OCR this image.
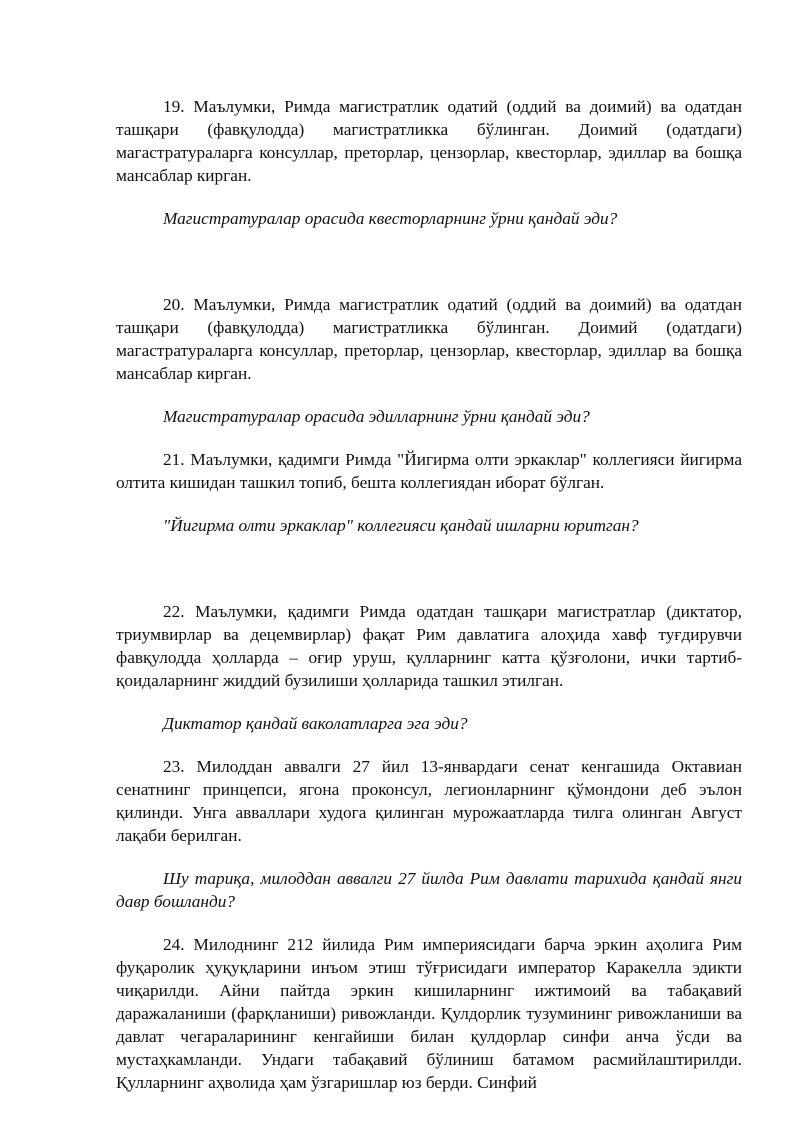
19. Маълумки, Римда магистратлик одатий (оддий ва доимий) ва одатдан ташқари (фавқулодда) магистратликка бўлинган. Доимий (одатдаги) магастратураларга консуллар, преторлар, цензорлар, квесторлар, эдиллар ва бошқа мансаблар кирган.

Магистратуралар орасида квесторларнинг ўрни қандай эди?

20. Маълумки, Римда магистратлик одатий (оддий ва доимий) ва одатдан ташқари (фавқулодда) магистратликка бўлинган. Доимий (одатдаги) магастратураларга консуллар, преторлар, цензорлар, квесторлар, эдиллар ва бошқа мансаблар кирган.

Магистратуралар орасида эдилларнинг ўрни қандай эди?

21. Маълумки, қадимги Римда "Йигирма олти эркаклар" коллегияси йигирма олтита кишидан ташкил топиб, бешта коллегиядан иборат бўлган.

"Йигирма олти эркаклар" коллегияси қандай ишларни юритган?

22. Маълумки, қадимги Римда одатдан ташқари магистратлар (диктатор, триумвирлар ва децемвирлар) фақат Рим давлатига алоҳида хавф туғдирувчи фавқулодда ҳолларда – оғир уруш, қулларнинг катта қўзғолони, ички тартиб-қоидаларнинг жиддий бузилиши ҳолларида ташкил этилган.

Диктатор қандай ваколатларга эга эди?

23. Милоддан аввалги 27 йил 13-январдаги сенат кенгашида Октавиан сенатнинг принцепси, ягона проконсул, легионларнинг қўмондони деб эълон қилинди. Унга авваллари худога қилинган мурожаатларда тилга олинган Август лақаби берилган.

Шу тариқа, милоддан аввалги 27 йилда Рим давлати тарихида қандай янги давр бошланди?

24. Милоднинг 212 йилида Рим империясидаги барча эркин аҳолига Рим фуқаролик ҳуқуқларини инъом этиш тўғрисидаги император Каракелла эдикти чиқарилди. Айни пайтда эркин кишиларнинг ижтимоий ва табақавий даражаланиши (фарқланиши) ривожланди. Қулдорлик тузумининг ривожланиши ва давлат чегараларининг кенгайиши билан қулдорлар синфи анча ўсди ва мустаҳкамланди. Ундаги табақавий бўлиниш батамом расмийлаштирилди. Қулларнинг аҳволида ҳам ўзгаришлар юз берди. Синфий
